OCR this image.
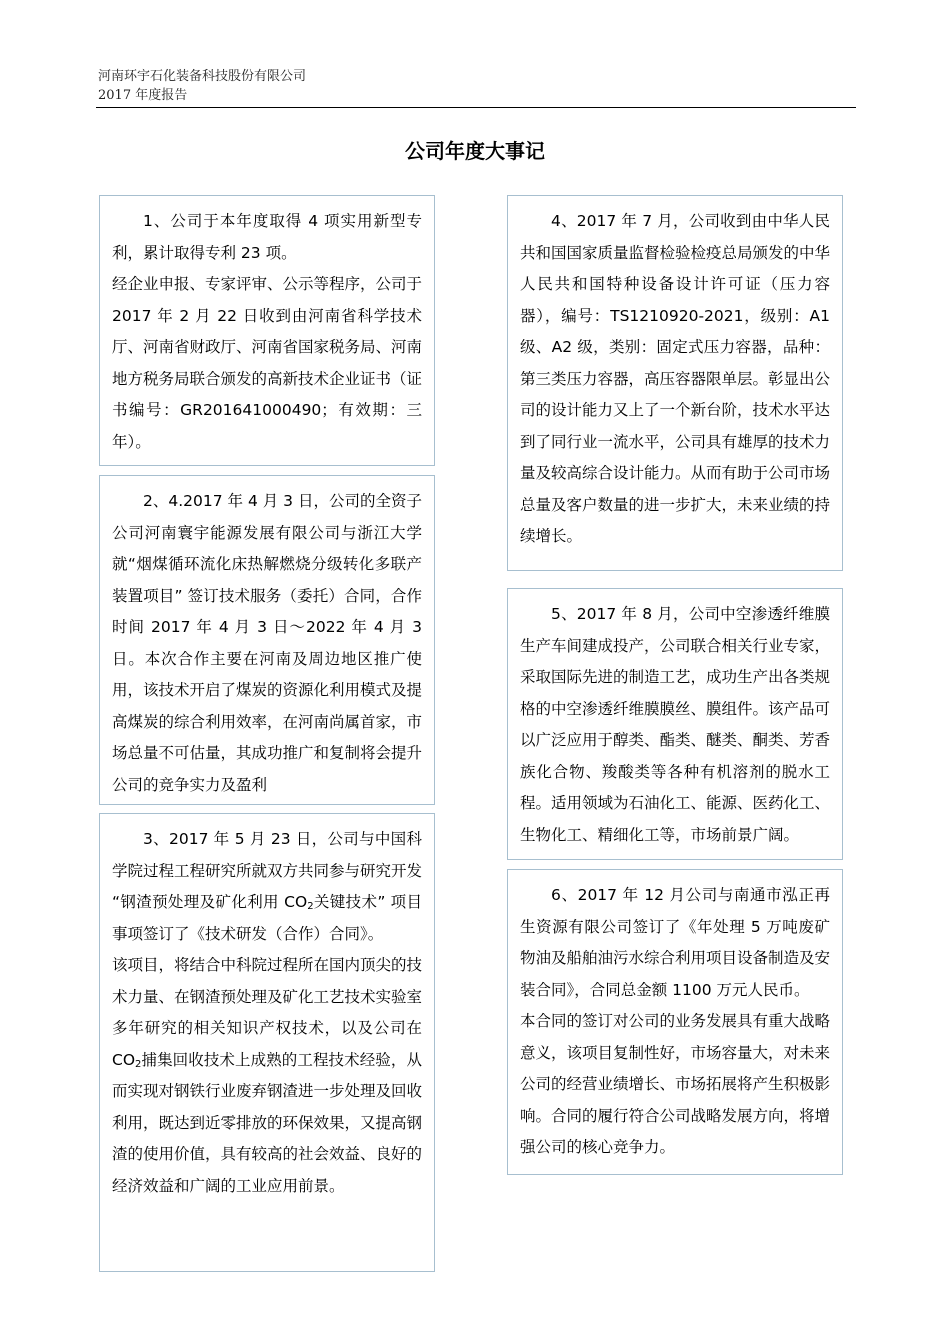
河南环宇石化装备科技股份有限公司
2017 年度报告
公司年度大事记

1、公司于本年度取得 4 项实用新型专利，累计取得专利 23 项。

经企业申报、专家评审、公示等程序，公司于 2017 年 2 月 22 日收到由河南省科学技术厅、河南省财政厅、河南省国家税务局、河南地方税务局联合颁发的高新技术企业证书（证书编号：GR201641000490；有效期：三年）。

2、4.2017 年 4 月 3 日，公司的全资子公司河南寰宇能源发展有限公司与浙江大学就“烟煤循环流化床热解燃烧分级转化多联产装置项目” 签订技术服务（委托）合同，合作时间 2017 年 4 月 3 日～2022 年 4 月 3 日。本次合作主要在河南及周边地区推广使用，该技术开启了煤炭的资源化利用模式及提高煤炭的综合利用效率，在河南尚属首家，市场总量不可估量，其成功推广和复制将会提升公司的竞争实力及盈利

3、2017 年 5 月 23 日，公司与中国科学院过程工程研究所就双方共同参与研究开发 “钢渣预处理及矿化利用 $CO_2$关键技术” 项目事项签订了《技术研发（合作）合同》。

该项目，将结合中科院过程所在国内顶尖的技术力量、在钢渣预处理及矿化工艺技术实验室多年研究的相关知识产权技术，以及公司在 $CO_2$捕集回收技术上成熟的工程技术经验，从而实现对钢铁行业废弃钢渣进一步处理及回收利用，既达到近零排放的环保效果，又提高钢渣的使用价值，具有较高的社会效益、良好的经济效益和广阔的工业应用前景。

4、2017 年 7 月，公司收到由中华人民共和国国家质量监督检验检疫总局颁发的中华人民共和国特种设备设计许可证（压力容器），编号：TS1210920-2021，级别：A1 级、A2 级，类别：固定式压力容器，品种：第三类压力容器，高压容器限单层。彰显出公司的设计能力又上了一个新台阶，技术水平达到了同行业一流水平，公司具有雄厚的技术力量及较高综合设计能力。从而有助于公司市场总量及客户数量的进一步扩大，未来业绩的持续增长。

5、2017 年 8 月，公司中空渗透纤维膜生产车间建成投产，公司联合相关行业专家，采取国际先进的制造工艺，成功生产出各类规格的中空渗透纤维膜膜丝、膜组件。该产品可以广泛应用于醇类、酯类、醚类、酮类、芳香族化合物、羧酸类等各种有机溶剂的脱水工程。适用领域为石油化工、能源、医药化工、生物化工、精细化工等，市场前景广阔。

6、2017 年 12 月公司与南通市泓正再生资源有限公司签订了《年处理 5 万吨废矿物油及船舶油污水综合利用项目设备制造及安装合同》，合同总金额 1100 万元人民币。

本合同的签订对公司的业务发展具有重大战略意义，该项目复制性好，市场容量大，对未来公司的经营业绩增长、市场拓展将产生积极影响。合同的履行符合公司战略发展方向，将增强公司的核心竞争力。
